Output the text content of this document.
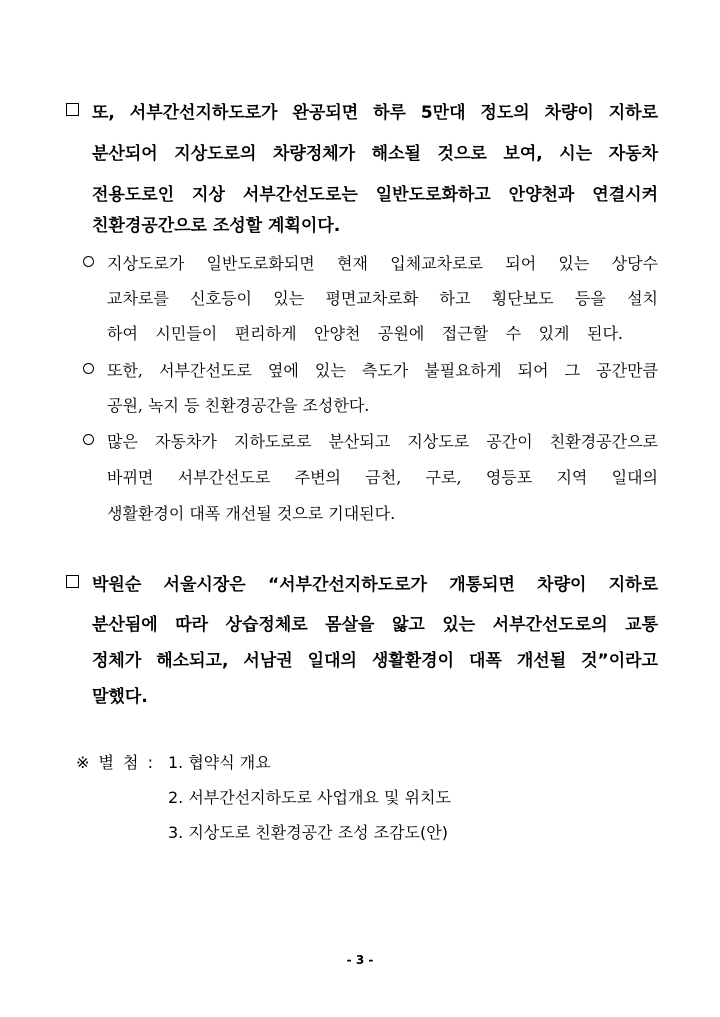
또, 서부간선지하도로가 완공되면 하루 5만대 정도의 차량이 지하로
분산되어 지상도로의 차량정체가 해소될 것으로 보여, 시는 자동차
전용도로인 지상 서부간선도로는 일반도로화하고 안양천과 연결시켜
친환경공간으로 조성할 계획이다.
지상도로가 일반도로화되면 현재 입체교차로로 되어 있는 상당수
교차로를 신호등이 있는 평면교차로화 하고 횡단보도 등을 설치
하여 시민들이 편리하게 안양천 공원에 접근할 수 있게 된다.
또한, 서부간선도로 옆에 있는 측도가 불필요하게 되어 그 공간만큼
공원, 녹지 등 친환경공간을 조성한다.
많은 자동차가 지하도로로 분산되고 지상도로 공간이 친환경공간으로
바뀌면 서부간선도로 주변의 금천, 구로, 영등포 지역 일대의
생활환경이 대폭 개선될 것으로 기대된다.
박원순 서울시장은 “서부간선지하도로가 개통되면 차량이 지하로
분산됨에 따라 상습정체로 몸살을 앓고 있는 서부간선도로의 교통
정체가 해소되고, 서남권 일대의 생활환경이 대폭 개선될 것”이라고
말했다.
※ 별 첨 : 1. 협약식 개요
2. 서부간선지하도로 사업개요 및 위치도
3. 지상도로 친환경공간 조성 조감도(안)
- 3 -
